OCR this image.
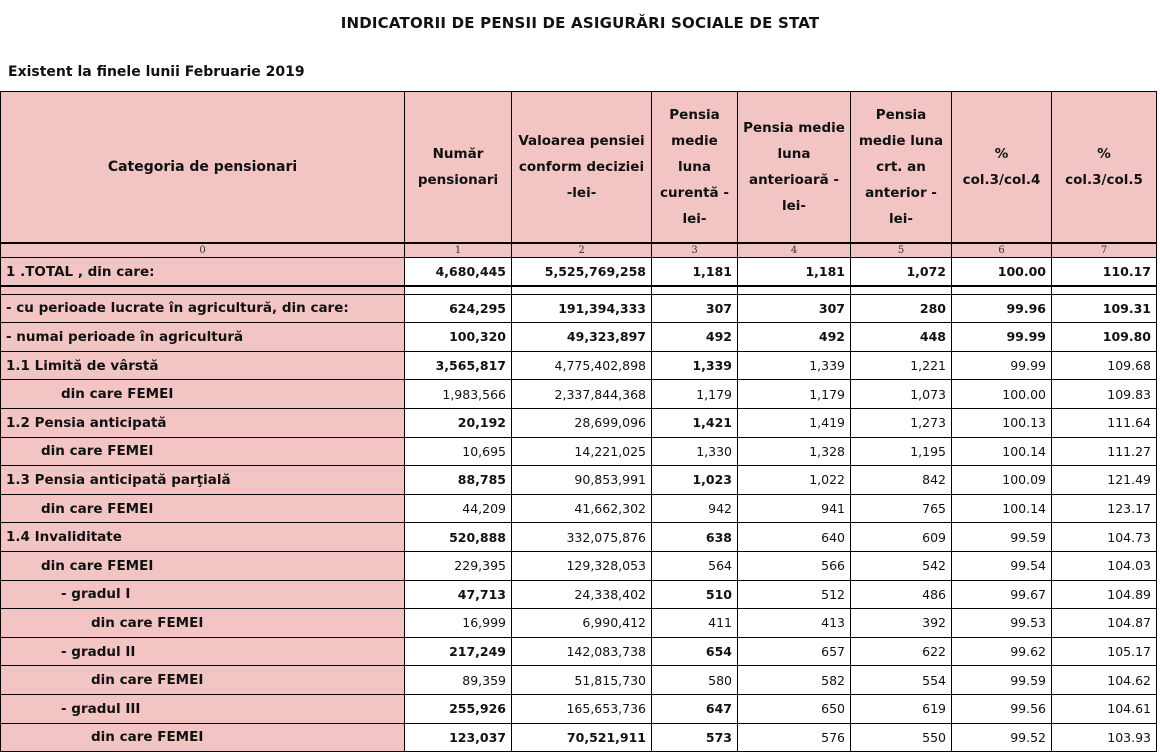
INDICATORII DE PENSII DE ASIGURĂRI SOCIALE DE STAT
Existent la finele lunii Februarie 2019
Categoria de pensionari	Număr pensionari	Valoarea pensiei conform deciziei -lei-	Pensia medie luna curentă -lei-	Pensia medie luna anterioară - lei-	Pensia medie luna crt. an anterior -lei-	% col.3/col.4	% col.3/col.5
0	1	2	3	4	5	6	7
1 .TOTAL , din care:	4,680,445	5,525,769,258	1,181	1,181	1,072	100.00	110.17

- cu perioade lucrate în agricultură, din care:	624,295	191,394,333	307	307	280	99.96	109.31
- numai perioade în agricultură	100,320	49,323,897	492	492	448	99.99	109.80
1.1 Limită de vârstă	3,565,817	4,775,402,898	1,339	1,339	1,221	99.99	109.68
din care FEMEI	1,983,566	2,337,844,368	1,179	1,179	1,073	100.00	109.83
1.2 Pensia anticipată	20,192	28,699,096	1,421	1,419	1,273	100.13	111.64
din care FEMEI	10,695	14,221,025	1,330	1,328	1,195	100.14	111.27
1.3 Pensia anticipată parţială	88,785	90,853,991	1,023	1,022	842	100.09	121.49
din care FEMEI	44,209	41,662,302	942	941	765	100.14	123.17
1.4 Invaliditate	520,888	332,075,876	638	640	609	99.59	104.73
din care FEMEI	229,395	129,328,053	564	566	542	99.54	104.03
- gradul I	47,713	24,338,402	510	512	486	99.67	104.89
din care FEMEI	16,999	6,990,412	411	413	392	99.53	104.87
- gradul II	217,249	142,083,738	654	657	622	99.62	105.17
din care FEMEI	89,359	51,815,730	580	582	554	99.59	104.62
- gradul III	255,926	165,653,736	647	650	619	99.56	104.61
din care FEMEI	123,037	70,521,911	573	576	550	99.52	103.93
